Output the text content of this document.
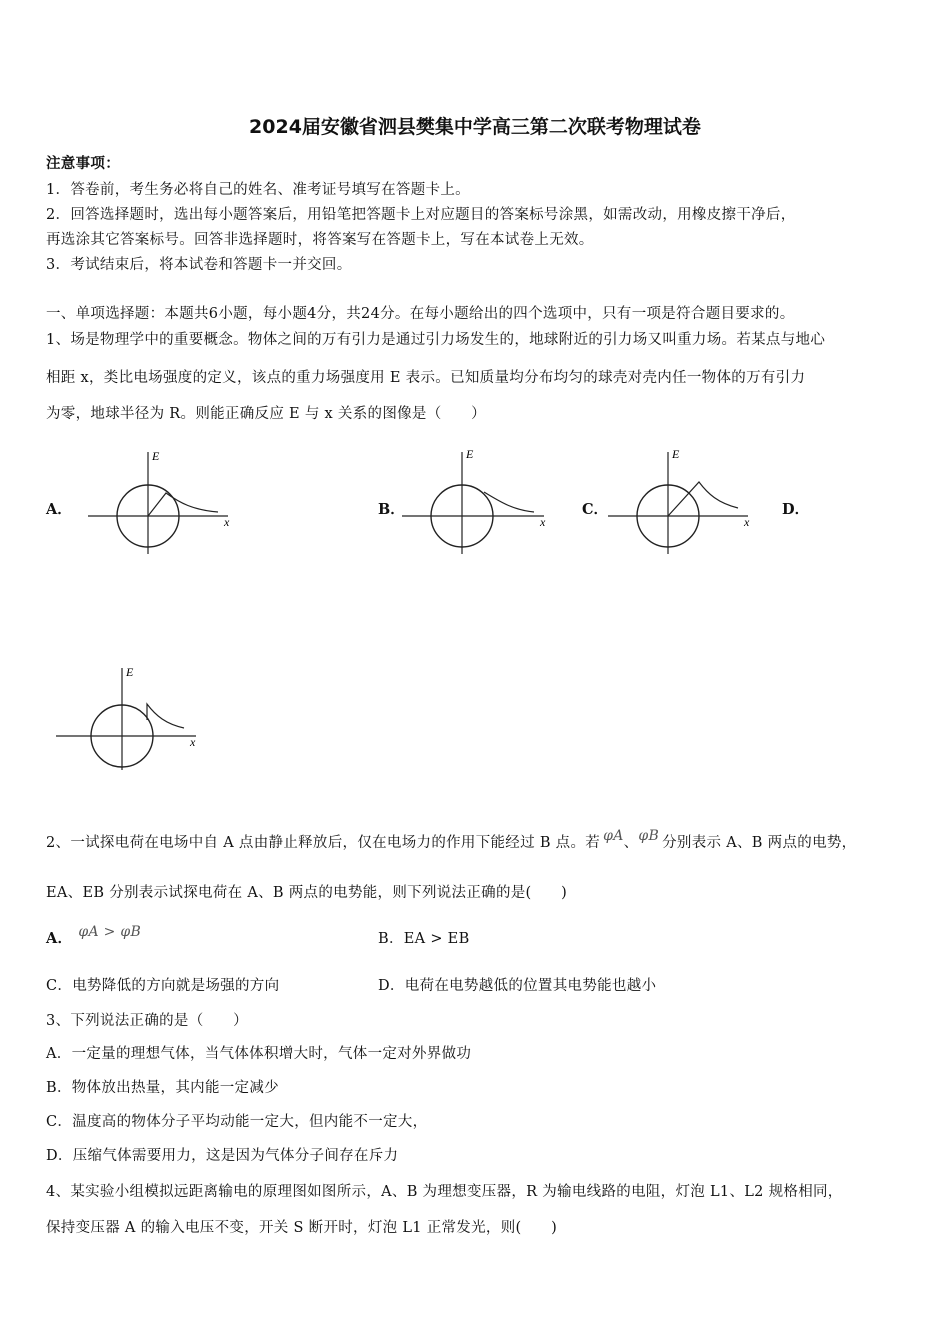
2024届安徽省泗县樊集中学高三第二次联考物理试卷
注意事项：
1．答卷前，考生务必将自己的姓名、准考证号填写在答题卡上。
2．回答选择题时，选出每小题答案后，用铅笔把答题卡上对应题目的答案标号涂黑，如需改动，用橡皮擦干净后，
再选涂其它答案标号。回答非选择题时，将答案写在答题卡上，写在本试卷上无效。
3．考试结束后，将本试卷和答题卡一并交回。
一、单项选择题：本题共6小题，每小题4分，共24分。在每小题给出的四个选项中，只有一项是符合题目要求的。
1、场是物理学中的重要概念。物体之间的万有引力是通过引力场发生的，地球附近的引力场又叫重力场。若某点与地心
相距 x，类比电场强度的定义，该点的重力场强度用 E 表示。已知质量均分布均匀的球壳对壳内任一物体的万有引力
为零，地球半径为 R。则能正确反应 E 与 x 关系的图像是（　　）
A．	B．	C．	D．
E
x
E
x
E
x
E
x
2、一试探电荷在电场中自 A 点由静止释放后，仅在电场力的作用下能经过 B 点。若 φA、φB 分别表示 A、B 两点的电势，
EA、EB 分别表示试探电荷在 A、B 两点的电势能，则下列说法正确的是(　　)
A． φA > φB	B．EA > EB
C．电势降低的方向就是场强的方向	D．电荷在电势越低的位置其电势能也越小
3、下列说法正确的是（　　）
A．一定量的理想气体，当气体体积增大时，气体一定对外界做功
B．物体放出热量，其内能一定减少
C．温度高的物体分子平均动能一定大，但内能不一定大，
D．压缩气体需要用力，这是因为气体分子间存在斥力
4、某实验小组模拟远距离输电的原理图如图所示，A、B 为理想变压器，R 为输电线路的电阻，灯泡 L1、L2 规格相同，
保持变压器 A 的输入电压不变，开关 S 断开时，灯泡 L1 正常发光，则(　　)
